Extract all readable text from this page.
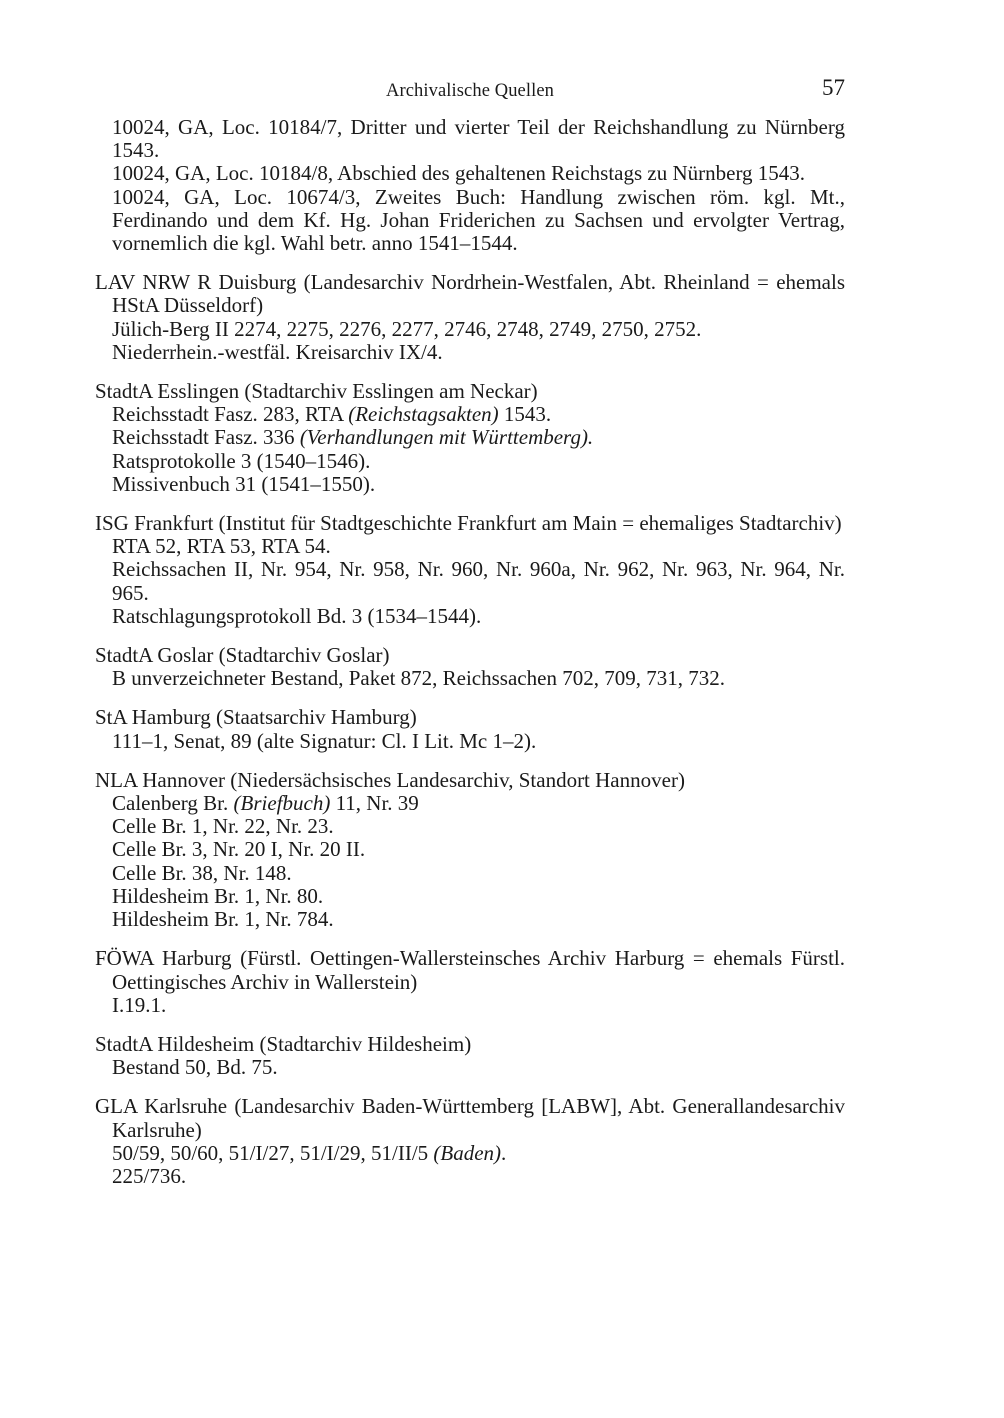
Archivalische Quellen	57
10024, GA, Loc. 10184/7, Dritter und vierter Teil der Reichshandlung zu Nürnberg 1543.
10024, GA, Loc. 10184/8, Abschied des gehaltenen Reichstags zu Nürnberg 1543.
10024, GA, Loc. 10674/3, Zweites Buch: Handlung zwischen röm. kgl. Mt., Ferdinando und dem Kf. Hg. Johan Friderichen zu Sachsen und ervolgter Vertrag, vornemlich die kgl. Wahl betr. anno 1541–1544.
LAV NRW R Duisburg (Landesarchiv Nordrhein-Westfalen, Abt. Rheinland = ehemals HStA Düsseldorf)
Jülich-Berg II 2274, 2275, 2276, 2277, 2746, 2748, 2749, 2750, 2752.
Niederrhein.-westfäl. Kreisarchiv IX/4.
StadtA Esslingen (Stadtarchiv Esslingen am Neckar)
Reichsstadt Fasz. 283, RTA (Reichstagsakten) 1543.
Reichsstadt Fasz. 336 (Verhandlungen mit Württemberg).
Ratsprotokolle 3 (1540–1546).
Missivenbuch 31 (1541–1550).
ISG Frankfurt (Institut für Stadtgeschichte Frankfurt am Main = ehemaliges Stadtarchiv)
RTA 52, RTA 53, RTA 54.
Reichssachen II, Nr. 954, Nr. 958, Nr. 960, Nr. 960a, Nr. 962, Nr. 963, Nr. 964, Nr. 965.
Ratschlagungsprotokoll Bd. 3 (1534–1544).
StadtA Goslar (Stadtarchiv Goslar)
B unverzeichneter Bestand, Paket 872, Reichssachen 702, 709, 731, 732.
StA Hamburg (Staatsarchiv Hamburg)
111–1, Senat, 89 (alte Signatur: Cl. I Lit. Mc 1–2).
NLA Hannover (Niedersächsisches Landesarchiv, Standort Hannover)
Calenberg Br. (Briefbuch) 11, Nr. 39
Celle Br. 1, Nr. 22, Nr. 23.
Celle Br. 3, Nr. 20 I, Nr. 20 II.
Celle Br. 38, Nr. 148.
Hildesheim Br. 1, Nr. 80.
Hildesheim Br. 1, Nr. 784.
FÖWA Harburg (Fürstl. Oettingen-Wallersteinsches Archiv Harburg = ehemals Fürstl. Oettingisches Archiv in Wallerstein)
I.19.1.
StadtA Hildesheim (Stadtarchiv Hildesheim)
Bestand 50, Bd. 75.
GLA Karlsruhe (Landesarchiv Baden-Württemberg [LABW], Abt. Generallandesarchiv Karlsruhe)
50/59, 50/60, 51/I/27, 51/I/29, 51/II/5 (Baden).
225/736.
